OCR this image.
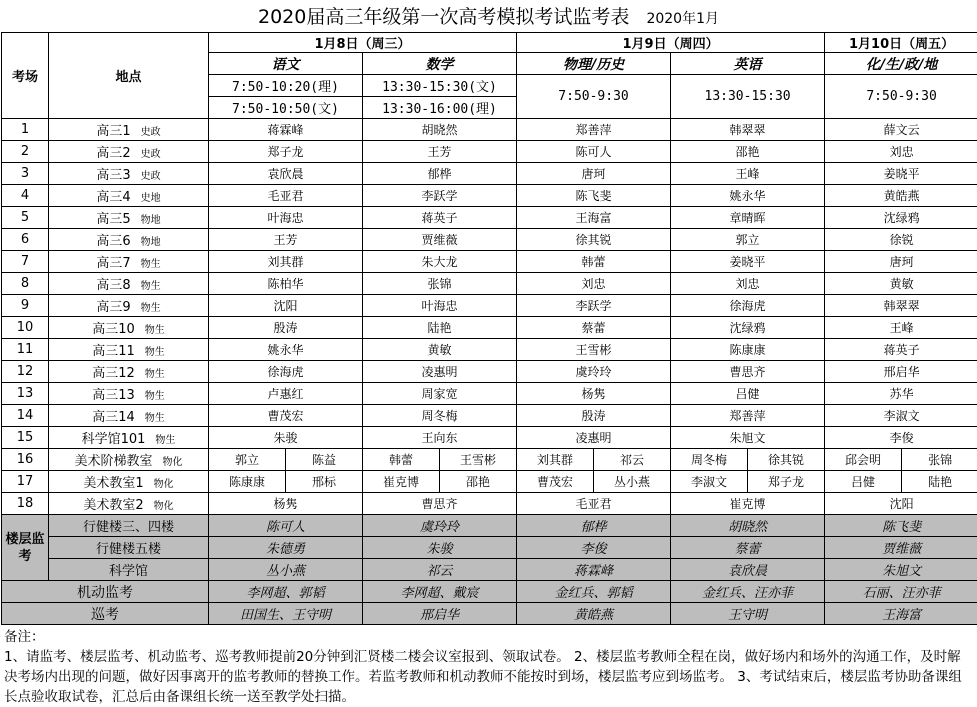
2020届高三年级第一次高考模拟考试监考表 2020年1月
考场	地点	1月8日（周三）				1月9日（周四）				1月10日（周五）	
		语文		数学		物理/历史		英语		化/生/政/地	
		7:50-10:20(理)		13:30-15:30(文)		7:50-9:30		13:30-15:30		7:50-9:30	
		7:50-10:50(文)		13:30-16:00(理)							
1	高三1 史政	蒋霖峰		胡晓然		郑善萍		韩翠翠		薛文云	
2	高三2 史政	郑子龙		王芳		陈可人		邵艳		刘忠	
3	高三3 史政	袁欣晨		郁桦		唐珂		王峰		姜晓平	
4	高三4 史地	毛亚君		李跃学		陈飞斐		姚永华		黄皓燕	
5	高三5 物地	叶海忠		蒋英子		王海富		章晴晖		沈绿鸦	
6	高三6 物地	王芳		贾维薇		徐其锐		郭立		徐锐	
7	高三7 物生	刘其群		朱大龙		韩蕾		姜晓平		唐珂	
8	高三8 物生	陈柏华		张锦		刘忠		刘忠		黄敏	
9	高三9 物生	沈阳		叶海忠		李跃学		徐海虎		韩翠翠	
10	高三10 物生	殷涛		陆艳		蔡蕾		沈绿鸦		王峰	
11	高三11 物生	姚永华		黄敏		王雪彬		陈康康		蒋英子	
12	高三12 物生	徐海虎		凌惠明		虞玲玲		曹思齐		邢启华	
13	高三13 物生	卢惠红		周家宽		杨隽		吕健		苏华	
14	高三14 物生	曹茂宏		周冬梅		殷涛		郑善萍		李淑文	
15	科学馆101 物生	朱骏		王向东		凌惠明		朱旭文		李俊	
16	美术阶梯教室 物化	郭立	陈益	韩蕾	王雪彬	刘其群	祁云	周冬梅	徐其锐	邱会明	张锦
17	美术教室1 物化	陈康康	邢标	崔克博	邵艳	曹茂宏	丛小燕	李淑文	郑子龙	吕健	陆艳
18	美术教室2 物化	杨隽		曹思齐		毛亚君		崔克博		沈阳	
楼层监考	行健楼三、四楼	陈可人		虞玲玲		郁桦		胡晓然		陈飞斐	
	行健楼五楼	朱德勇		朱骏		李俊		蔡蕾		贾维薇	
	科学馆	丛小燕		祁云		蒋霖峰		袁欣晨		朱旭文	
机动监考		李网超、郭韬		李网超、戴宸		金红兵、郭韬		金红兵、汪亦菲		石丽、汪亦菲	
巡考		田国生、王守明		邢启华		黄皓燕		王守明		王海富	
备注：
1、请监考、楼层监考、机动监考、巡考教师提前20分钟到汇贤楼二楼会议室报到、领取试卷。 2、楼层监考教师全程在岗，做好场内和场外的沟通工作，及时解决考场内出现的问题，做好因事离开的监考教师的替换工作。若监考教师和机动教师不能按时到场，楼层监考应到场监考。 3、考试结束后，楼层监考协助备课组长点验收取试卷，汇总后由备课组长统一送至教学处扫描。
